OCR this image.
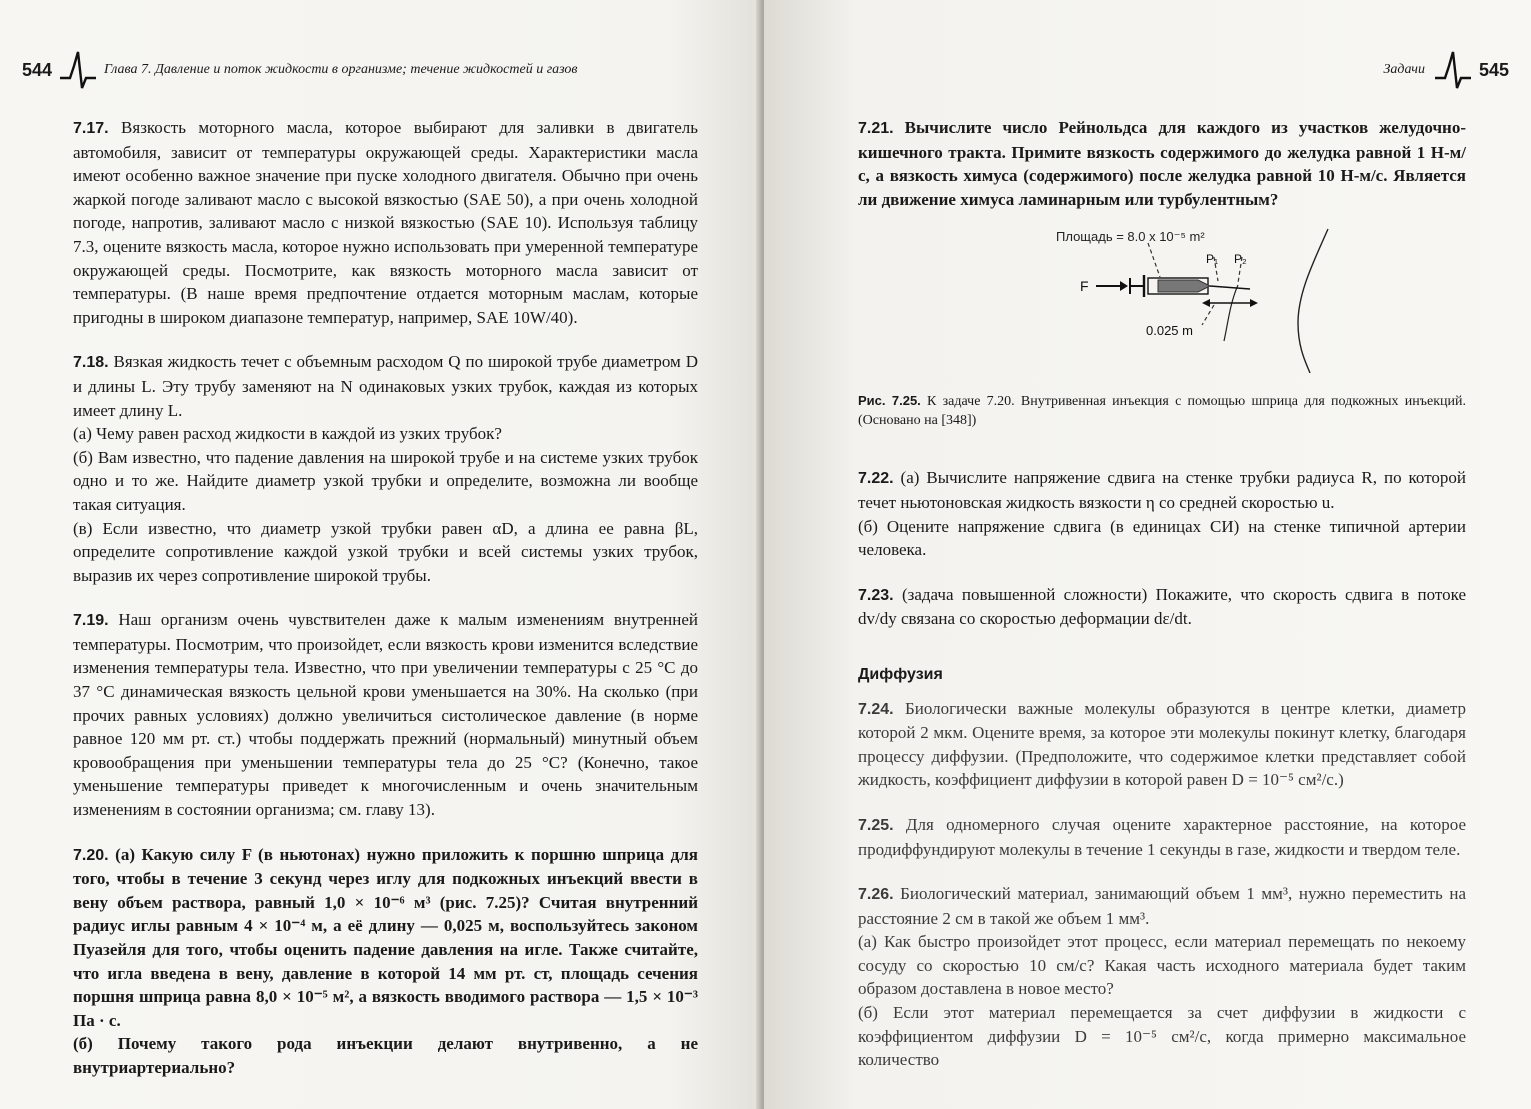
544	Глава 7. Давление и поток жидкости в организме; течение жидкостей и газов

7.17. Вязкость моторного масла, которое выбирают для заливки в двигатель автомобиля, зависит от температуры окружающей среды. Характеристики масла имеют особенно важное значение при пуске холодного двигателя. Обычно при очень жаркой погоде заливают масло с высокой вязкостью (SAE 50), а при очень холодной погоде, напротив, заливают масло с низкой вязкостью (SAE 10). Используя таблицу 7.3, оцените вязкость масла, которое нужно использовать при умеренной температуре окружающей среды. Посмотрите, как вязкость моторного масла зависит от температуры. (В наше время предпочтение отдается моторным маслам, которые пригодны в широком диапазоне температур, например, SAE 10W/40).

7.18. Вязкая жидкость течет с объемным расходом Q по широкой трубе диаметром D и длины L. Эту трубу заменяют на N одинаковых узких трубок, каждая из которых имеет длину L.

(а) Чему равен расход жидкости в каждой из узких трубок?

(б) Вам известно, что падение давления на широкой трубе и на системе узких трубок одно и то же. Найдите диаметр узкой трубки и определите, возможна ли вообще такая ситуация.

(в) Если известно, что диаметр узкой трубки равен αD, а длина ее равна βL, определите сопротивление каждой узкой трубки и всей системы узких трубок, выразив их через сопротивление широкой трубы.

7.19. Наш организм очень чувствителен даже к малым изменениям внутренней температуры. Посмотрим, что произойдет, если вязкость крови изменится вследствие изменения температуры тела. Известно, что при увеличении температуры с 25 °С до 37 °С динамическая вязкость цельной крови уменьшается на 30%. На сколько (при прочих равных условиях) должно увеличиться систолическое давление (в норме равное 120 мм рт. ст.) чтобы поддержать прежний (нормальный) минутный объем кровообращения при уменьшении температуры тела до 25 °С? (Конечно, такое уменьшение температуры приведет к многочисленным и очень значительным изменениям в состоянии организма; см. главу 13).

7.20. (а) Какую силу F (в ньютонах) нужно приложить к поршню шприца для того, чтобы в течение 3 секунд через иглу для подкожных инъекций ввести в вену объем раствора, равный 1,0 × 10⁻⁶ м³ (рис. 7.25)? Считая внутренний радиус иглы равным 4 × 10⁻⁴ м, а её длину — 0,025 м, воспользуйтесь законом Пуазейля для того, чтобы оценить падение давления на игле. Также считайте, что игла введена в вену, давление в которой 14 мм рт. ст, площадь сечения поршня шприца равна 8,0 × 10⁻⁵ м², а вязкость вводимого раствора — 1,5 × 10⁻³ Па · с.

(б) Почему такого рода инъекции делают внутривенно, а не внутриартериально?

Задачи	545

7.21. Вычислите число Рейнольдса для каждого из участков желудочно-кишечного тракта. Примите вязкость содержимого до желудка равной 1 Н-м/с, а вязкость химуса (содержимого) после желудка равной 10 Н-м/с. Является ли движение химуса ламинарным или турбулентным?

Площадь = 8.0 x 10⁻⁵ m²
F
P₁ P₂
0.025 m

Рис. 7.25. К задаче 7.20. Внутривенная инъекция с помощью шприца для подкожных инъекций. (Основано на [348])

7.22. (а) Вычислите напряжение сдвига на стенке трубки радиуса R, по которой течет ньютоновская жидкость вязкости η со средней скоростью u.

(б) Оцените напряжение сдвига (в единицах СИ) на стенке типичной артерии человека.

7.23. (задача повышенной сложности) Покажите, что скорость сдвига в потоке dv/dy связана со скоростью деформации dε/dt.

Диффузия

7.24. Биологически важные молекулы образуются в центре клетки, диаметр которой 2 мкм. Оцените время, за которое эти молекулы покинут клетку, благодаря процессу диффузии. (Предположите, что содержимое клетки представляет собой жидкость, коэффициент диффузии в которой равен D = 10⁻⁵ см²/с.)

7.25. Для одномерного случая оцените характерное расстояние, на которое продиффундируют молекулы в течение 1 секунды в газе, жидкости и твердом теле.

7.26. Биологический материал, занимающий объем 1 мм³, нужно переместить на расстояние 2 см в такой же объем 1 мм³.

(а) Как быстро произойдет этот процесс, если материал перемещать по некоему сосуду со скоростью 10 см/с? Какая часть исходного материала будет таким образом доставлена в новое место?

(б) Если этот материал перемещается за счет диффузии в жидкости с коэффициентом диффузии D = 10⁻⁵ см²/с, когда примерно максимальное количество
